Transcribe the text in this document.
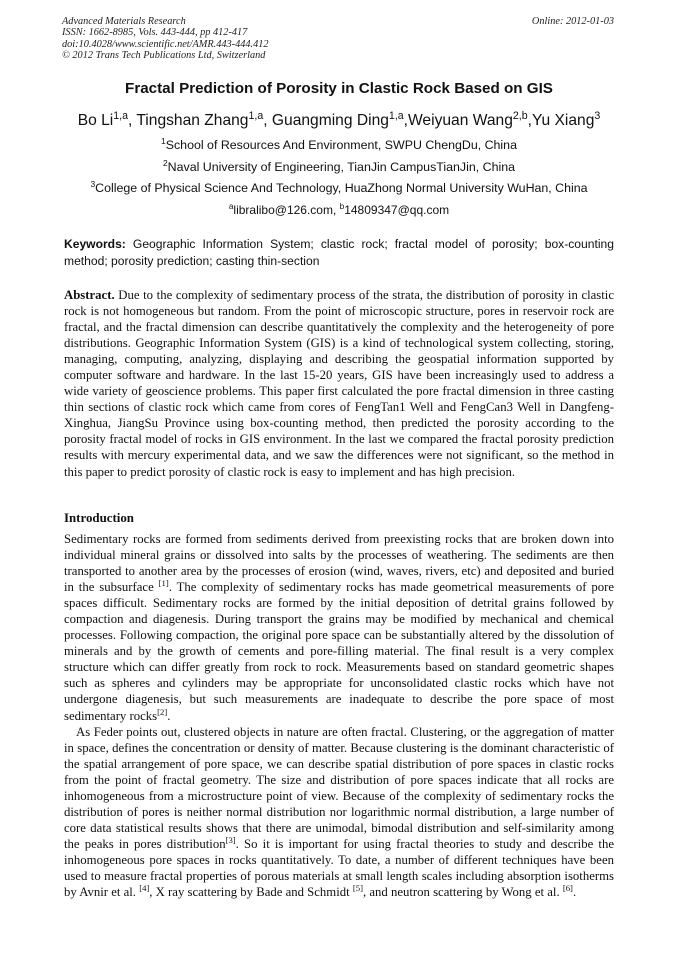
Advanced Materials Research
ISSN: 1662-8985, Vols. 443-444, pp 412-417
doi:10.4028/www.scientific.net/AMR.443-444.412
© 2012 Trans Tech Publications Ltd, Switzerland
Online: 2012-01-03
Fractal Prediction of Porosity in Clastic Rock Based on GIS
Bo Li$^{1,a}$, Tingshan Zhang$^{1,a}$, Guangming Ding$^{1,a}$,Weiyuan Wang$^{2,b}$,Yu Xiang$^3$
$^1$School of Resources And Environment, SWPU ChengDu, China
$^2$Naval University of Engineering, TianJin CampusTianJin, China
$^3$College of Physical Science And Technology, HuaZhong Normal University WuHan, China
$^a$libralibo@126.com, $^b$14809347@qq.com
Keywords: Geographic Information System; clastic rock; fractal model of porosity; box-counting method; porosity prediction; casting thin-section
Abstract. Due to the complexity of sedimentary process of the strata, the distribution of porosity in clastic rock is not homogeneous but random. From the point of microscopic structure, pores in reservoir rock are fractal, and the fractal dimension can describe quantitatively the complexity and the heterogeneity of pore distributions. Geographic Information System (GIS) is a kind of technological system collecting, storing, managing, computing, analyzing, displaying and describing the geospatial information supported by computer software and hardware. In the last 15-20 years, GIS have been increasingly used to address a wide variety of geoscience problems. This paper first calculated the pore fractal dimension in three casting thin sections of clastic rock which came from cores of FengTan1 Well and FengCan3 Well in Dangfeng-Xinghua, JiangSu Province using box-counting method, then predicted the porosity according to the porosity fractal model of rocks in GIS environment. In the last we compared the fractal porosity prediction results with mercury experimental data, and we saw the differences were not significant, so the method in this paper to predict porosity of clastic rock is easy to implement and has high precision.
Introduction

Sedimentary rocks are formed from sediments derived from preexisting rocks that are broken down into individual mineral grains or dissolved into salts by the processes of weathering. The sediments are then transported to another area by the processes of erosion (wind, waves, rivers, etc) and deposited and buried in the subsurface [1]. The complexity of sedimentary rocks has made geometrical measurements of pore spaces difficult. Sedimentary rocks are formed by the initial deposition of detrital grains followed by compaction and diagenesis. During transport the grains may be modified by mechanical and chemical processes. Following compaction, the original pore space can be substantially altered by the dissolution of minerals and by the growth of cements and pore-filling material. The final result is a very complex structure which can differ greatly from rock to rock. Measurements based on standard geometric shapes such as spheres and cylinders may be appropriate for unconsolidated clastic rocks which have not undergone diagenesis, but such measurements are inadequate to describe the pore space of most sedimentary rocks[2].

As Feder points out, clustered objects in nature are often fractal. Clustering, or the aggregation of matter in space, defines the concentration or density of matter. Because clustering is the dominant characteristic of the spatial arrangement of pore space, we can describe spatial distribution of pore spaces in clastic rocks from the point of fractal geometry. The size and distribution of pore spaces indicate that all rocks are inhomogeneous from a microstructure point of view. Because of the complexity of sedimentary rocks the distribution of pores is neither normal distribution nor logarithmic normal distribution, a large number of core data statistical results shows that there are unimodal, bimodal distribution and self-similarity among the peaks in pores distribution[3]. So it is important for using fractal theories to study and describe the inhomogeneous pore spaces in rocks quantitatively. To date, a number of different techniques have been used to measure fractal properties of porous materials at small length scales including absorption isotherms by Avnir et al. [4], X ray scattering by Bade and Schmidt [5], and neutron scattering by Wong et al. [6].
